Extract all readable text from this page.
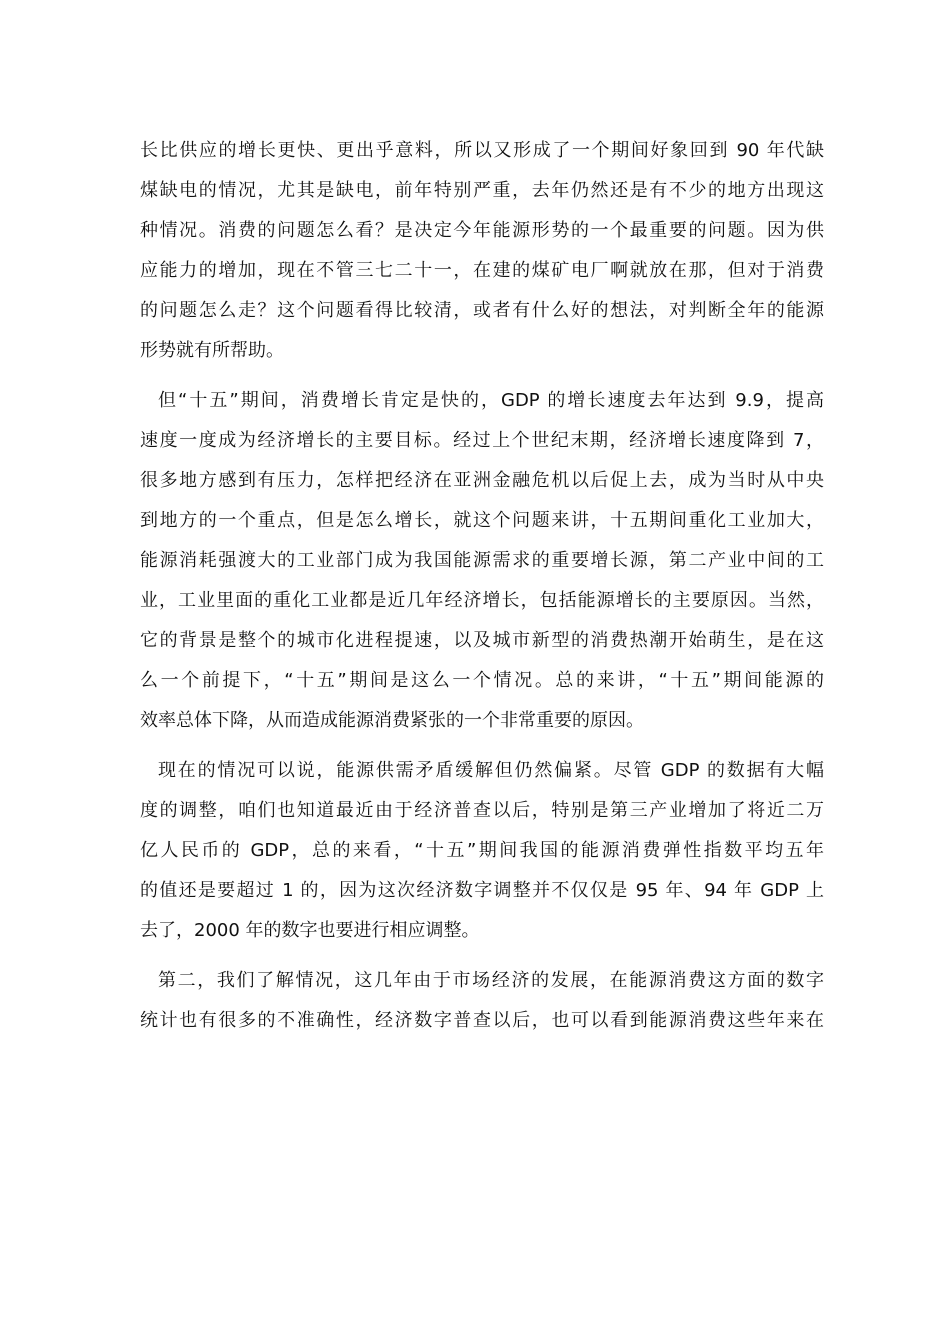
长比供应的增长更快、更出乎意料，所以又形成了一个期间好象回到 90 年代缺
煤缺电的情况，尤其是缺电，前年特别严重，去年仍然还是有不少的地方出现这
种情况。消费的问题怎么看？是决定今年能源形势的一个最重要的问题。因为供
应能力的增加，现在不管三七二十一，在建的煤矿电厂啊就放在那，但对于消费
的问题怎么走？这个问题看得比较清，或者有什么好的想法，对判断全年的能源
形势就有所帮助。
但“十五”期间，消费增长肯定是快的，GDP 的增长速度去年达到 9.9，提高
速度一度成为经济增长的主要目标。经过上个世纪末期，经济增长速度降到 7，
很多地方感到有压力，怎样把经济在亚洲金融危机以后促上去，成为当时从中央
到地方的一个重点，但是怎么增长，就这个问题来讲，十五期间重化工业加大，
能源消耗强渡大的工业部门成为我国能源需求的重要增长源，第二产业中间的工
业，工业里面的重化工业都是近几年经济增长，包括能源增长的主要原因。当然，
它的背景是整个的城市化进程提速，以及城市新型的消费热潮开始萌生，是在这
么一个前提下，“十五”期间是这么一个情况。总的来讲，“十五”期间能源的
效率总体下降，从而造成能源消费紧张的一个非常重要的原因。
现在的情况可以说，能源供需矛盾缓解但仍然偏紧。尽管 GDP 的数据有大幅
度的调整，咱们也知道最近由于经济普查以后，特别是第三产业增加了将近二万
亿人民币的 GDP，总的来看，“十五”期间我国的能源消费弹性指数平均五年
的值还是要超过 1 的，因为这次经济数字调整并不仅仅是 95 年、94 年 GDP 上
去了，2000 年的数字也要进行相应调整。
第二，我们了解情况，这几年由于市场经济的发展，在能源消费这方面的数字
统计也有很多的不准确性，经济数字普查以后，也可以看到能源消费这些年来在
